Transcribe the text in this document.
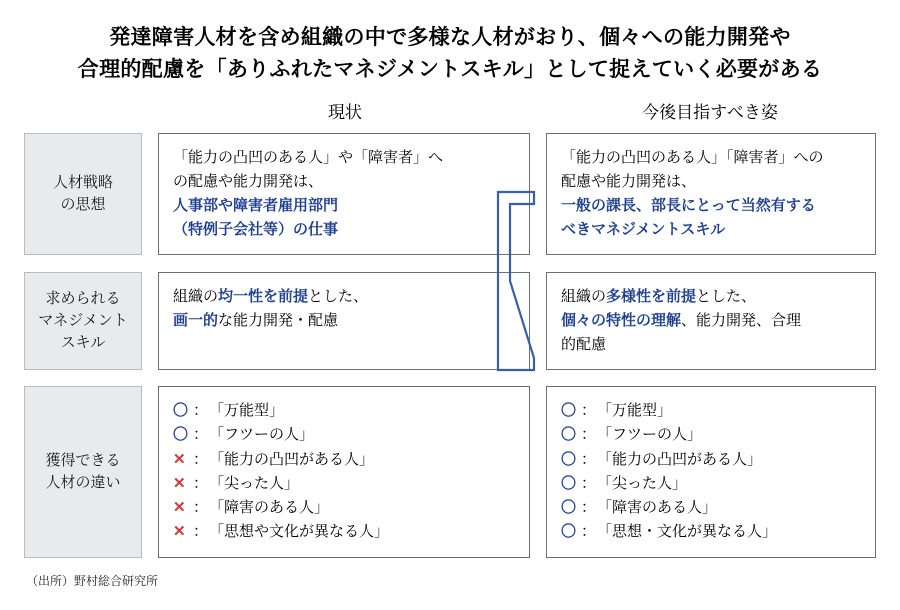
発達障害人材を含め組織の中で多様な人材がおり、個々への能力開発や
合理的配慮を「ありふれたマネジメントスキル」として捉えていく必要がある
現状	今後目指すべき姿
人材戦略
の思想
求められる
マネジメント
スキル
獲得できる
人材の違い
「能力の凸凹のある人」や「障害者」へ
の配慮や能力開発は、
人事部や障害者雇用部門
（特例子会社等）の仕事
「能力の凸凹のある人」「障害者」への
配慮や能力開発は、
一般の課長、部長にとって当然有する
べきマネジメントスキル
組織の均一性を前提とした、
画一的な能力開発・配慮
組織の多様性を前提とした、
個々の特性の理解、能力開発、合理
的配慮
〇 ： 「万能型」
〇 ： 「フツーの人」
✕ ： 「能力の凸凹がある人」
✕ ： 「尖った人」
✕ ： 「障害のある人」
✕ ： 「思想や文化が異なる人」
〇 ： 「万能型」
〇 ： 「フツーの人」
〇 ： 「能力の凸凹がある人」
〇 ： 「尖った人」
〇 ： 「障害のある人」
〇 ： 「思想・文化が異なる人」
（出所）野村総合研究所
